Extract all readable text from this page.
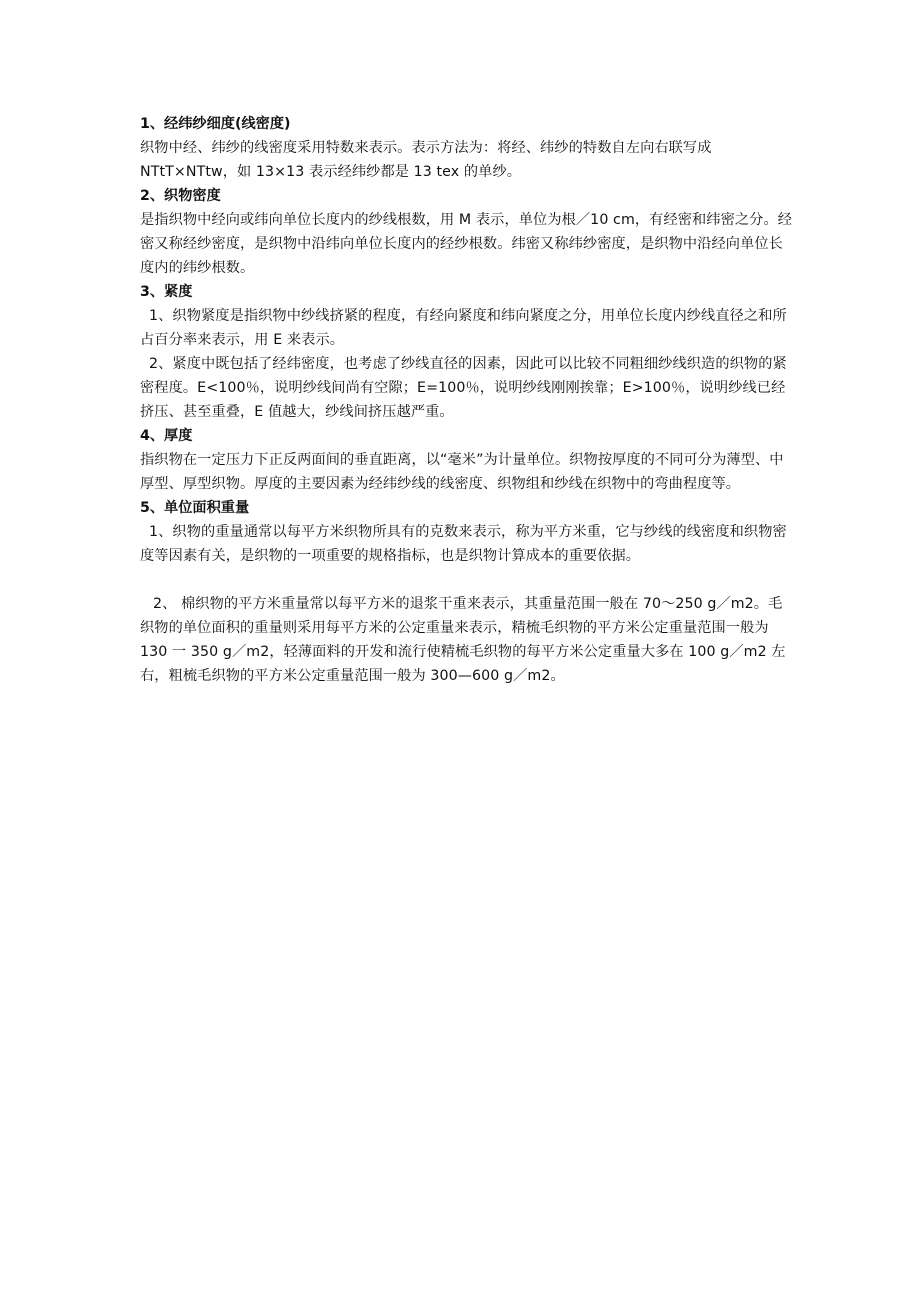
1、经纬纱细度(线密度)

织物中经、纬纱的线密度采用特数来表示。表示方法为：将经、纬纱的特数自左向右联写成NTtT×NTtw，如 13×13 表示经纬纱都是 13 tex 的单纱。

2、织物密度

是指织物中经向或纬向单位长度内的纱线根数，用 M 表示，单位为根／10 cm，有经密和纬密之分。经密又称经纱密度，是织物中沿纬向单位长度内的经纱根数。纬密又称纬纱密度，是织物中沿经向单位长度内的纬纱根数。

3、紧度

1、织物紧度是指织物中纱线挤紧的程度，有经向紧度和纬向紧度之分，用单位长度内纱线直径之和所占百分率来表示，用 E 来表示。

2、紧度中既包括了经纬密度，也考虑了纱线直径的因素，因此可以比较不同粗细纱线织造的织物的紧密程度。E<100％，说明纱线间尚有空隙；E=100％，说明纱线刚刚挨靠；E>100％，说明纱线已经挤压、甚至重叠，E 值越大，纱线间挤压越严重。

4、厚度

指织物在一定压力下正反两面间的垂直距离，以“毫米”为计量单位。织物按厚度的不同可分为薄型、中厚型、厚型织物。厚度的主要因素为经纬纱线的线密度、织物组和纱线在织物中的弯曲程度等。

5、单位面积重量

1、织物的重量通常以每平方米织物所具有的克数来表示，称为平方米重，它与纱线的线密度和织物密度等因素有关，是织物的一项重要的规格指标，也是织物计算成本的重要依据。

2、 棉织物的平方米重量常以每平方米的退浆干重来表示，其重量范围一般在 70～250 g／m2。毛织物的单位面积的重量则采用每平方米的公定重量来表示，精梳毛织物的平方米公定重量范围一般为 130 一 350 g／m2，轻薄面料的开发和流行使精梳毛织物的每平方米公定重量大多在 100 g／m2 左右，粗梳毛织物的平方米公定重量范围一般为 300—600 g／m2。
